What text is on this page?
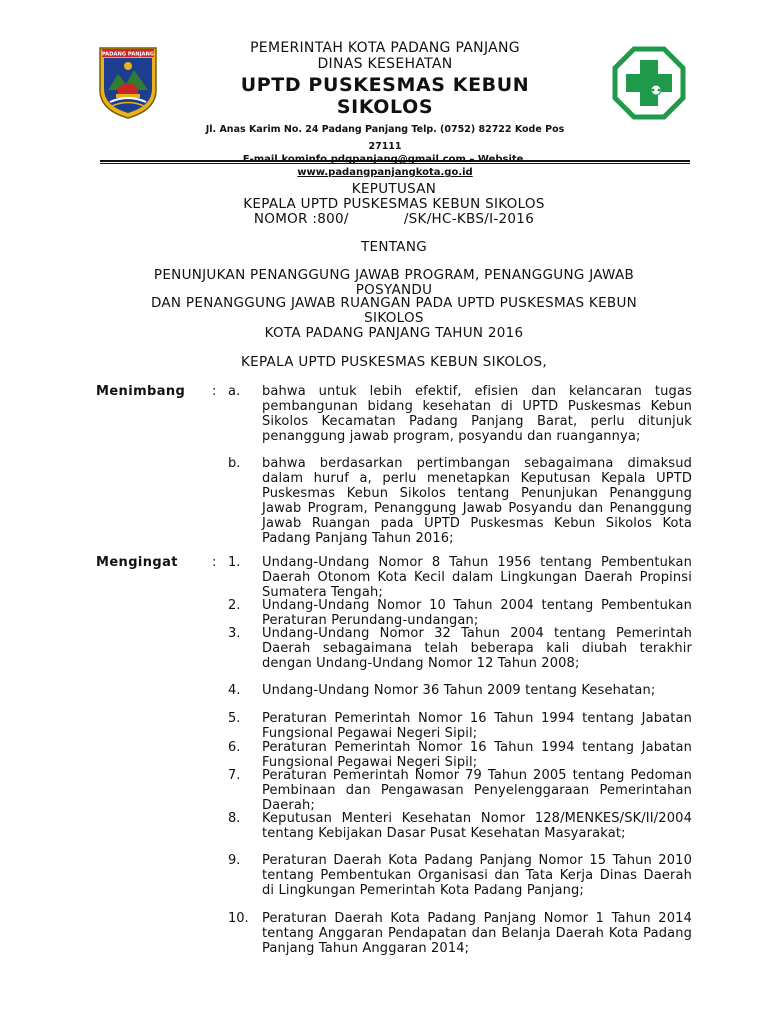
PADANG PANJANG	PEMERINTAH KOTA PADANG PANJANG
DINAS KESEHATAN
UPTD PUSKESMAS KEBUN
SIKOLOS
Jl. Anas Karim No. 24 Padang Panjang Telp. (0752) 82722 Kode Pos
27111
E-mail.kominfo.pdgpanjang@gmail.com – Website.
www.padangpanjangkota.go.id
KEPUTUSAN
KEPALA UPTD PUSKESMAS KEBUN SIKOLOS
NOMOR :800/            /SK/HC-KBS/I-2016
TENTANG
PENUNJUKAN PENANGGUNG JAWAB PROGRAM, PENANGGUNG JAWAB
POSYANDU
DAN PENANGGUNG JAWAB RUANGAN PADA UPTD PUSKESMAS KEBUN
SIKOLOS
KOTA PADANG PANJANG TAHUN 2016
KEPALA UPTD PUSKESMAS KEBUN SIKOLOS,
Menimbang : a.	bahwa untuk lebih efektif, efisien dan kelancaran tugas pembangunan bidang kesehatan di UPTD Puskesmas Kebun Sikolos Kecamatan Padang Panjang Barat, perlu ditunjuk penanggung jawab program, posyandu dan ruangannya;
b.	bahwa berdasarkan pertimbangan sebagaimana dimaksud dalam huruf a, perlu menetapkan Keputusan Kepala UPTD Puskesmas Kebun Sikolos tentang Penunjukan Penanggung Jawab Program, Penanggung Jawab Posyandu dan Penanggung Jawab Ruangan pada UPTD Puskesmas Kebun Sikolos Kota Padang Panjang Tahun 2016;
Mengingat	: 1.	Undang-Undang Nomor 8 Tahun 1956 tentang Pembentukan Daerah Otonom Kota Kecil dalam Lingkungan Daerah Propinsi Sumatera Tengah;
2.	Undang-Undang Nomor 10 Tahun 2004 tentang Pembentukan Peraturan Perundang-undangan;
3.	Undang-Undang Nomor 32 Tahun 2004 tentang Pemerintah Daerah sebagaimana telah beberapa kali diubah terakhir dengan Undang-Undang Nomor 12 Tahun 2008;
4.	Undang-Undang Nomor 36 Tahun 2009 tentang Kesehatan;
5.	Peraturan Pemerintah Nomor 16 Tahun 1994 tentang Jabatan Fungsional Pegawai Negeri Sipil;
6.	Peraturan Pemerintah Nomor 16 Tahun 1994 tentang Jabatan Fungsional Pegawai Negeri Sipil;
7.	Peraturan Pemerintah Nomor 79 Tahun 2005 tentang Pedoman Pembinaan dan Pengawasan Penyelenggaraan Pemerintahan Daerah;
8.	Keputusan Menteri Kesehatan Nomor 128/MENKES/SK/II/2004 tentang Kebijakan Dasar Pusat Kesehatan Masyarakat;
9.	Peraturan Daerah Kota Padang Panjang Nomor 15 Tahun 2010 tentang Pembentukan Organisasi dan Tata Kerja Dinas Daerah di Lingkungan Pemerintah Kota Padang Panjang;
10.	Peraturan Daerah Kota Padang Panjang Nomor 1 Tahun 2014 tentang Anggaran Pendapatan dan Belanja Daerah Kota Padang Panjang Tahun Anggaran 2014;
